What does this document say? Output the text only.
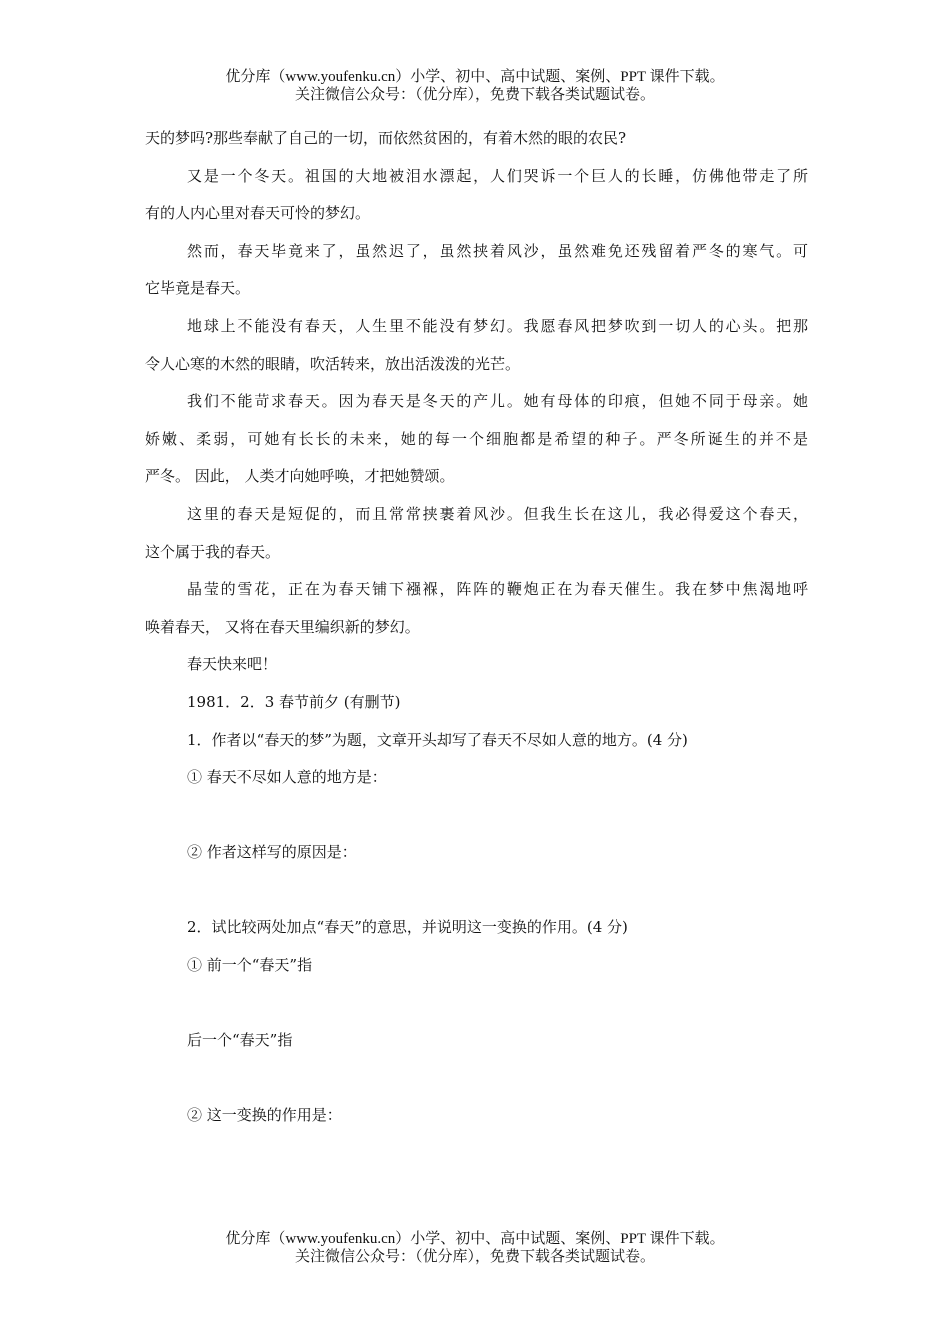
优分库（www.youfenku.cn）小学、初中、高中试题、案例、PPT 课件下载。
关注微信公众号：（优分库），免费下载各类试题试卷。
天的梦吗?那些奉献了自己的一切，而依然贫困的，有着木然的眼的农民?
又是一个冬天。祖国的大地被泪水漂起，人们哭诉一个巨人的长睡，仿佛他带走了所
有的人内心里对春天可怜的梦幻。
然而，春天毕竟来了，虽然迟了，虽然挟着风沙，虽然难免还残留着严冬的寒气。可
它毕竟是春天。
地球上不能没有春天，人生里不能没有梦幻。我愿春风把梦吹到一切人的心头。把那
令人心寒的木然的眼睛，吹活转来，放出活泼泼的光芒。
我们不能苛求春天。因为春天是冬天的产儿。她有母体的印痕，但她不同于母亲。她
娇嫩、柔弱，可她有长长的未来，她的每一个细胞都是希望的种子。严冬所诞生的并不是
严冬。 因此， 人类才向她呼唤，才把她赞颂。
这里的春天是短促的，而且常常挟裹着风沙。但我生长在这儿，我必得爱这个春天，
这个属于我的春天。
晶莹的雪花，正在为春天铺下襁褓，阵阵的鞭炮正在为春天催生。我在梦中焦渴地呼
唤着春天， 又将在春天里编织新的梦幻。
春天快来吧！
1981．2．3 春节前夕 (有删节)
1．作者以“春天的梦”为题，文章开头却写了春天不尽如人意的地方。(4 分)
① 春天不尽如人意的地方是：
② 作者这样写的原因是：
2．试比较两处加点“春天”的意思，并说明这一变换的作用。(4 分)
① 前一个“春天”指
后一个“春天”指
② 这一变换的作用是：
优分库（www.youfenku.cn）小学、初中、高中试题、案例、PPT 课件下载。
关注微信公众号：（优分库），免费下载各类试题试卷。
